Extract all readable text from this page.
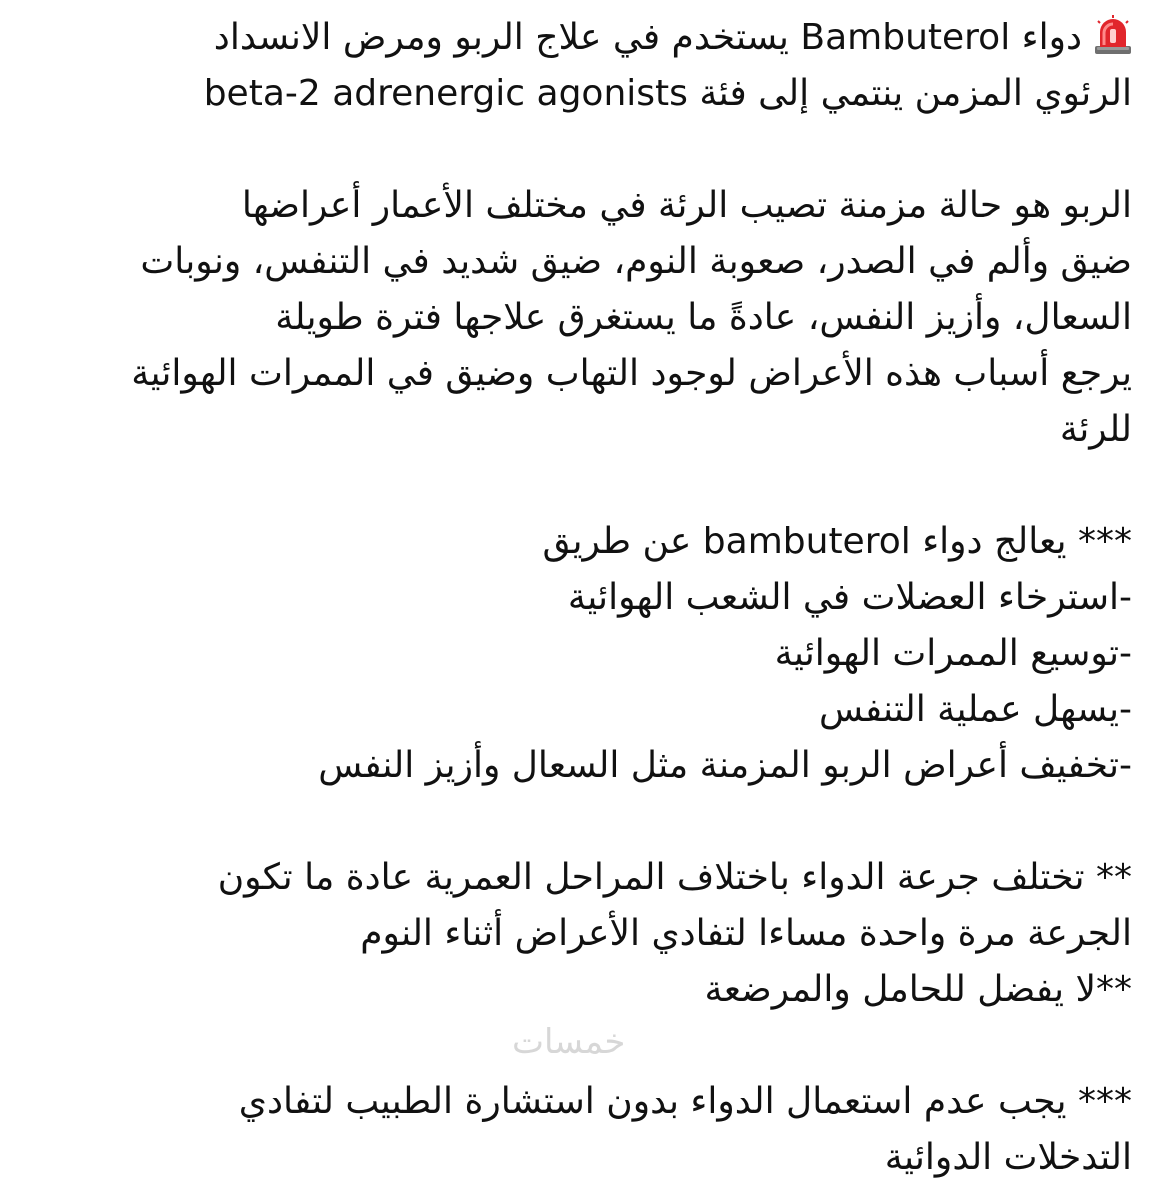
دواء Bambuterol يستخدم في علاج الربو ومرض الانسداد
الرئوي المزمن ينتمي إلى فئة beta-2 adrenergic agonists
الربو هو حالة مزمنة تصيب الرئة في مختلف الأعمار أعراضها
ضيق وألم في الصدر، صعوبة النوم، ضيق شديد في التنفس، ونوبات
السعال، وأزيز النفس، عادةً ما يستغرق علاجها فترة طويلة
يرجع أسباب هذه الأعراض لوجود التهاب وضيق في الممرات الهوائية
للرئة
*** يعالج دواء bambuterol عن طريق
-استرخاء العضلات في الشعب الهوائية
-توسيع الممرات الهوائية
-يسهل عملية التنفس
-تخفيف أعراض الربو المزمنة مثل السعال وأزيز النفس
** تختلف جرعة الدواء باختلاف المراحل العمرية عادة ما تكون
الجرعة مرة واحدة مساءا لتفادي الأعراض أثناء النوم
**لا يفضل للحامل والمرضعة
*** يجب عدم استعمال الدواء بدون استشارة الطبيب لتفادي
التدخلات الدوائية
خمسات
